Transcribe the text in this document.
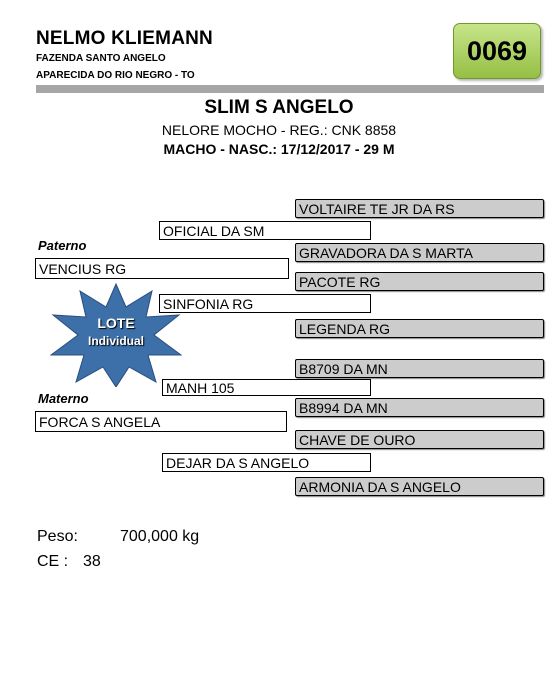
NELMO KLIEMANN
FAZENDA SANTO ANGELO
APARECIDA DO RIO NEGRO - TO
0069
SLIM S ANGELO
NELORE MOCHO - REG.: CNK 8858
MACHO - NASC.: 17/12/2017 - 29 M
VOLTAIRE TE JR DA RS
GRAVADORA DA S MARTA
PACOTE RG
LEGENDA RG
B8709 DA MN
B8994 DA MN
CHAVE DE OURO
ARMONIA DA S ANGELO
OFICIAL DA SM
SINFONIA RG
MANH 105
DEJAR DA S ANGELO
Paterno
VENCIUS RG
Materno
FORCA S ANGELA
LOTE
Individual
Peso:	700,000 kg
CE : 38
